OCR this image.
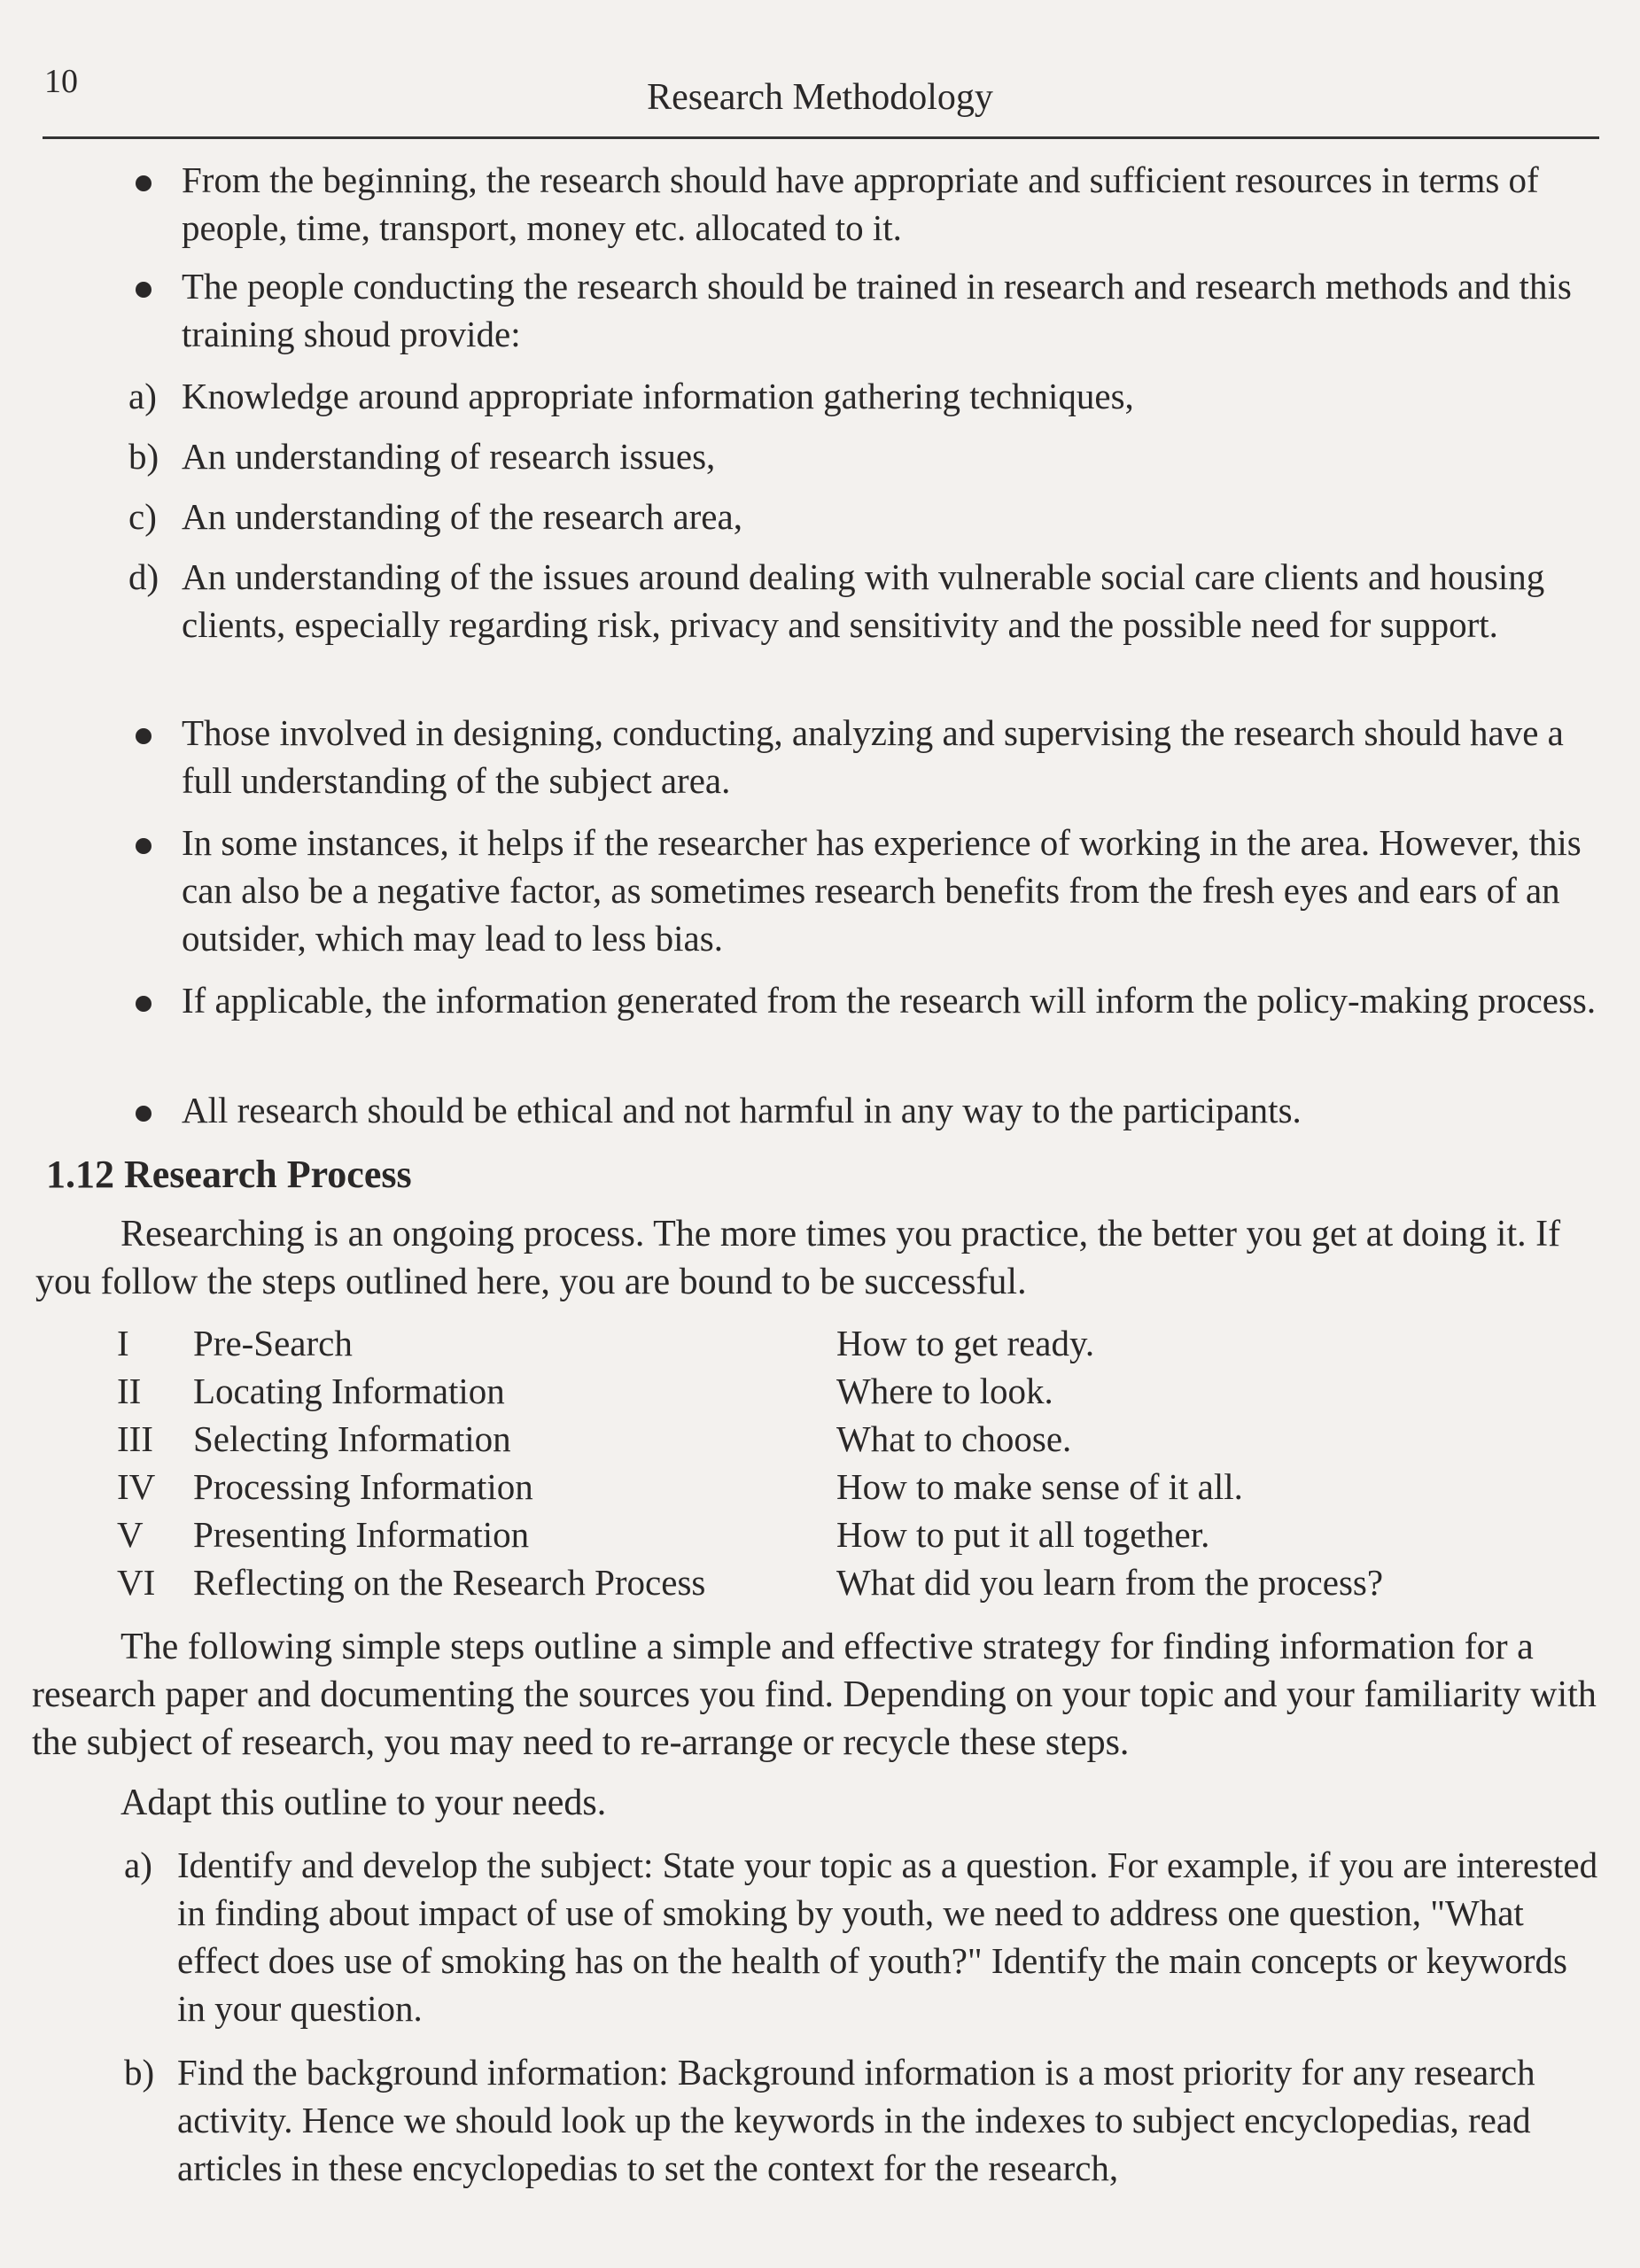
10	Research Methodology
From the beginning, the research should have appropriate and sufficient resources in terms of people, time, transport, money etc. allocated to it.
The people conducting the research should be trained in research and research methods and this training shoud provide:
a) Knowledge around appropriate information gathering techniques,
b) An understanding of research issues,
c) An understanding of the research area,
d) An understanding of the issues around dealing with vulnerable social care clients and housing clients, especially regarding risk, privacy and sensitivity and the possible need for support.
Those involved in designing, conducting, analyzing and supervising the research should have a full understanding of the subject area.
In some instances, it helps if the researcher has experience of working in the area. However, this can also be a negative factor, as sometimes research benefits from the fresh eyes and ears of an outsider, which may lead to less bias.
If applicable, the information generated from the research will inform the policy-making process.
All research should be ethical and not harmful in any way to the participants.
1.12 Research Process
Researching is an ongoing process. The more times you practice, the better you get at doing it. If you follow the steps outlined here, you are bound to be successful.
I Pre-Search	How to get ready.
II Locating Information	Where to look.
III Selecting Information	What to choose.
IV Processing Information	How to make sense of it all.
V Presenting Information	How to put it all together.
VI Reflecting on the Research Process	What did you learn from the process?
The following simple steps outline a simple and effective strategy for finding information for a research paper and documenting the sources you find. Depending on your topic and your familiarity with the subject of research, you may need to re-arrange or recycle these steps.
Adapt this outline to your needs.
a) Identify and develop the subject: State your topic as a question. For example, if you are interested in finding about impact of use of smoking by youth, we need to address one question, "What effect does use of smoking has on the health of youth?" Identify the main concepts or keywords in your question.
b) Find the background information: Background information is a most priority for any research activity. Hence we should look up the keywords in the indexes to subject encyclopedias, read articles in these encyclopedias to set the context for the research,
